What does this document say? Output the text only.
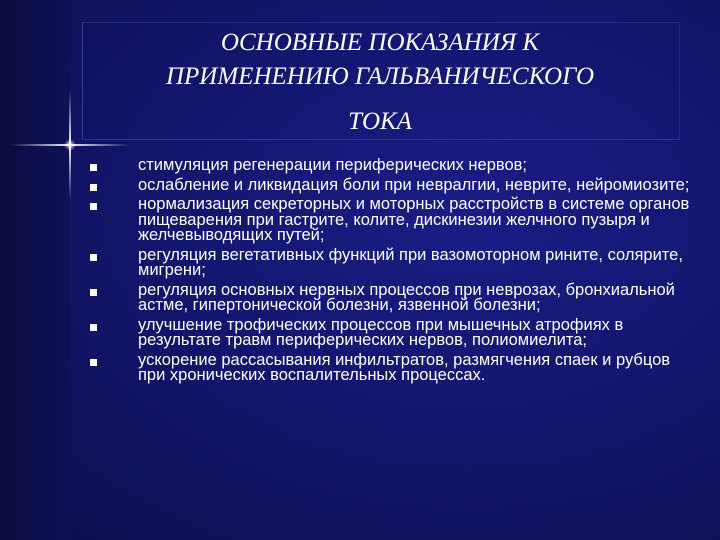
ОСНОВНЫЕ ПОКАЗАНИЯ К
ПРИМЕНЕНИЮ ГАЛЬВАНИЧЕСКОГО
ТОКА
стимуляция регенерации периферических нервов;
ослабление и ликвидация боли при невралгии, неврите, нейромиозите;
нормализация секреторных и моторных расстройств в системе органов пищеварения при гастрите, колите, дискинезии желчного пузыря и желчевыводящих путей;
регуляция вегетативных функций при вазомоторном рините, солярите, мигрени;
регуляция основных нервных процессов при неврозах, бронхиальной астме, гипертонической болезни, язвенной болезни;
улучшение трофических процессов при мышечных атрофиях в результате травм периферических нервов, полиомиелита;
ускорение рассасывания инфильтратов, размягчения спаек и рубцов при хронических воспалительных процессах.
